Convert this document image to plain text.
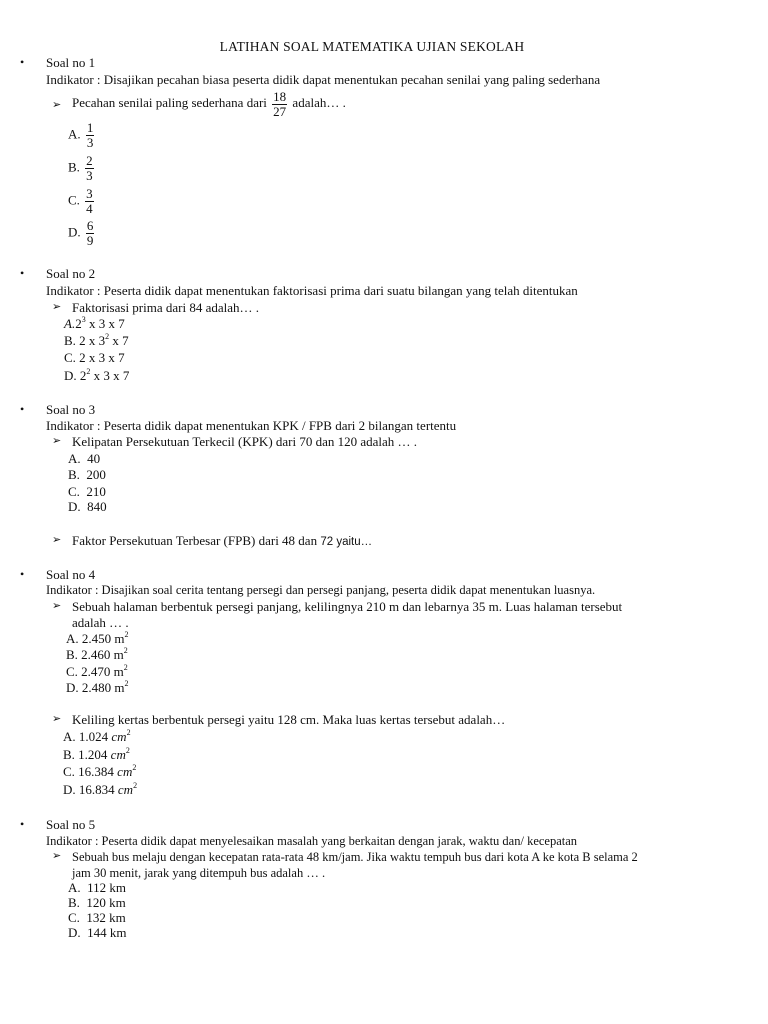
LATIHAN SOAL MATEMATIKA UJIAN SEKOLAH
• Soal no 1
Indikator : Disajikan pecahan biasa peserta didik dapat menentukan pecahan senilai yang paling sederhana
➢ Pecahan senilai paling sederhana dari $\frac{18}{27}$ adalah… .
A. $\frac{1}{3}$
B. $\frac{2}{3}$
C. $\frac{3}{4}$
D. $\frac{6}{9}$
• Soal no 2
Indikator : Peserta didik dapat menentukan faktorisasi prima dari suatu bilangan yang telah ditentukan
➢ Faktorisasi prima dari 84 adalah… .
$A.2^3$ x 3 x 7
B. 2 x $3^2$ x 7
C. 2 x 3 x 7
D. $2^2$ x 3 x 7
• Soal no 3
Indikator : Peserta didik dapat menentukan KPK / FPB dari 2 bilangan tertentu
➢ Kelipatan Persekutuan Terkecil (KPK) dari 70 dan 120 adalah … .
A. 40
B. 200
C. 210
D. 840
➢ Faktor Persekutuan Terbesar (FPB) dari 48 dan 72 yaitu…
• Soal no 4
Indikator : Disajikan soal cerita tentang persegi dan persegi panjang, peserta didik dapat menentukan luasnya.
➢ Sebuah halaman berbentuk persegi panjang, kelilingnya 210 m dan lebarnya 35 m. Luas halaman tersebut
adalah … .
A. 2.450 $m^2$
B. 2.460 $m^2$
C. 2.470 $m^2$
D. 2.480 $m^2$
➢ Keliling kertas berbentuk persegi yaitu 128 cm. Maka luas kertas tersebut adalah…
A. 1.024 $cm^2$
B. 1.204 $cm^2$
C. 16.384 $cm^2$
D. 16.834 $cm^2$
• Soal no 5
Indikator : Peserta didik dapat menyelesaikan masalah yang berkaitan dengan jarak, waktu dan/ kecepatan
➢ Sebuah bus melaju dengan kecepatan rata-rata 48 km/jam. Jika waktu tempuh bus dari kota A ke kota B selama 2
jam 30 menit, jarak yang ditempuh bus adalah … .
A. 112 km
B. 120 km
C. 132 km
D. 144 km
